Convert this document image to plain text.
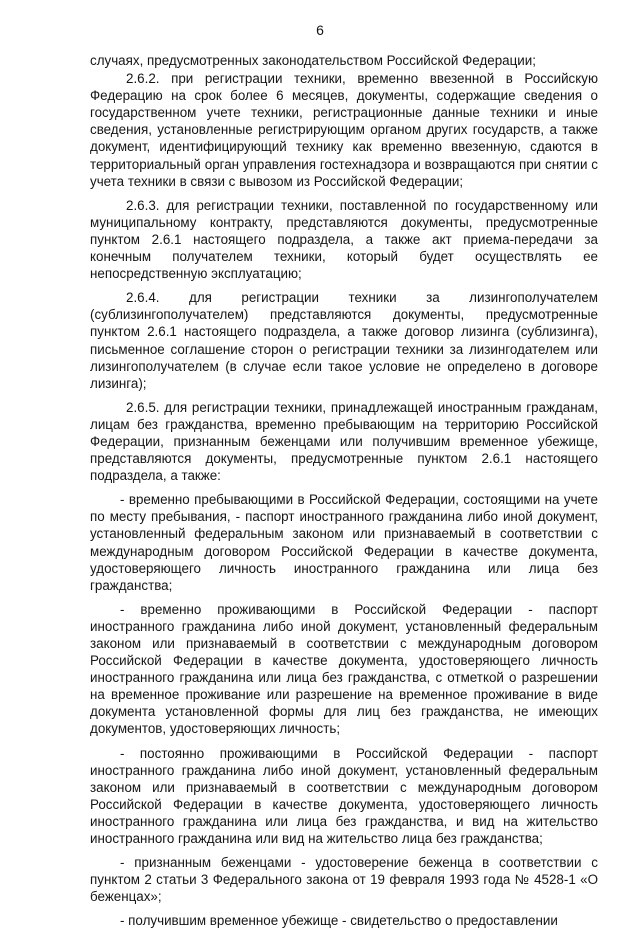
6

случаях, предусмотренных законодательством Российской Федерации;

2.6.2. при регистрации техники, временно ввезенной в Российскую Федерацию на срок более 6 месяцев, документы, содержащие сведения о государственном учете техники, регистрационные данные техники и иные сведения, установленные регистрирующим органом других государств, а также документ, идентифицирующий технику как временно ввезенную, сдаются в территориальный орган управления гостехнадзора и возвращаются при снятии с учета техники в связи с вывозом из Российской Федерации;

2.6.3. для регистрации техники, поставленной по государственному или муниципальному контракту, представляются документы, предусмотренные пунктом 2.6.1 настоящего подраздела, а также акт приема-передачи за конечным получателем техники, который будет осуществлять ее непосредственную эксплуатацию;

2.6.4. для регистрации техники за лизингополучателем (сублизингополучателем) представляются документы, предусмотренные пунктом 2.6.1 настоящего подраздела, а также договор лизинга (сублизинга), письменное соглашение сторон о регистрации техники за лизингодателем или лизингополучателем (в случае если такое условие не определено в договоре лизинга);

2.6.5. для регистрации техники, принадлежащей иностранным гражданам, лицам без гражданства, временно пребывающим на территорию Российской Федерации, признанным беженцами или получившим временное убежище, представляются документы, предусмотренные пунктом 2.6.1 настоящего подраздела, а также:

- временно пребывающими в Российской Федерации, состоящими на учете по месту пребывания, - паспорт иностранного гражданина либо иной документ, установленный федеральным законом или признаваемый в соответствии с международным договором Российской Федерации в качестве документа, удостоверяющего личность иностранного гражданина или лица без гражданства;

- временно проживающими в Российской Федерации - паспорт иностранного гражданина либо иной документ, установленный федеральным законом или признаваемый в соответствии с международным договором Российской Федерации в качестве документа, удостоверяющего личность иностранного гражданина или лица без гражданства, с отметкой о разрешении на временное проживание или разрешение на временное проживание в виде документа установленной формы для лиц без гражданства, не имеющих документов, удостоверяющих личность;

- постоянно проживающими в Российской Федерации - паспорт иностранного гражданина либо иной документ, установленный федеральным законом или признаваемый в соответствии с международным договором Российской Федерации в качестве документа, удостоверяющего личность иностранного гражданина или лица без гражданства, и вид на жительство иностранного гражданина или вид на жительство лица без гражданства;

- признанным беженцами - удостоверение беженца в соответствии с пунктом 2 статьи 3 Федерального закона от 19 февраля 1993 года № 4528-1 «О беженцах»;

- получившим временное убежище - свидетельство о предоставлении
